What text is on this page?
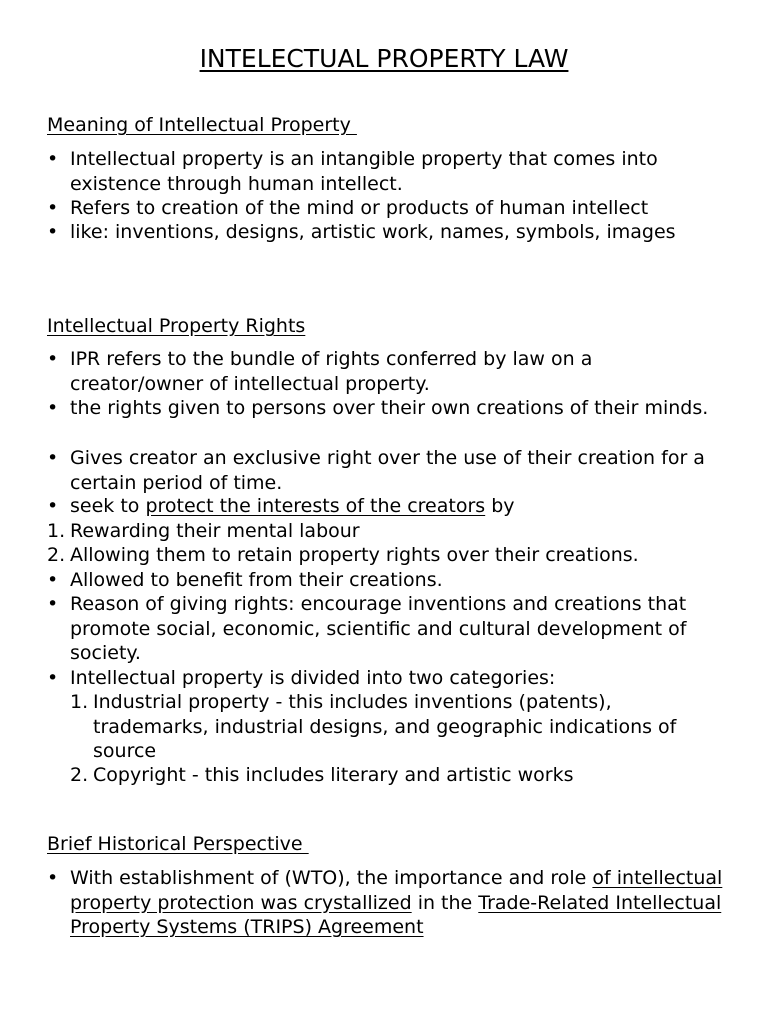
INTELECTUAL PROPERTY LAW
Meaning of Intellectual Property
• Intellectual property is an intangible property that comes into existence through human intellect.
• Refers to creation of the mind or products of human intellect
• like: inventions, designs, artistic work, names, symbols, images
Intellectual Property Rights
• IPR refers to the bundle of rights conferred by law on a creator/owner of intellectual property.
• the rights given to persons over their own creations of their minds.
• Gives creator an exclusive right over the use of their creation for a certain period of time.
• seek to protect the interests of the creators by
1. Rewarding their mental labour
2. Allowing them to retain property rights over their creations.
• Allowed to benefit from their creations.
• Reason of giving rights: encourage inventions and creations that promote social, economic, scientific and cultural development of society.
• Intellectual property is divided into two categories:
1. Industrial property - this includes inventions (patents), trademarks, industrial designs, and geographic indications of source
2. Copyright - this includes literary and artistic works
Brief Historical Perspective
• With establishment of (WTO), the importance and role of intellectual property protection was crystallized in the Trade-Related Intellectual Property Systems (TRIPS) Agreement
